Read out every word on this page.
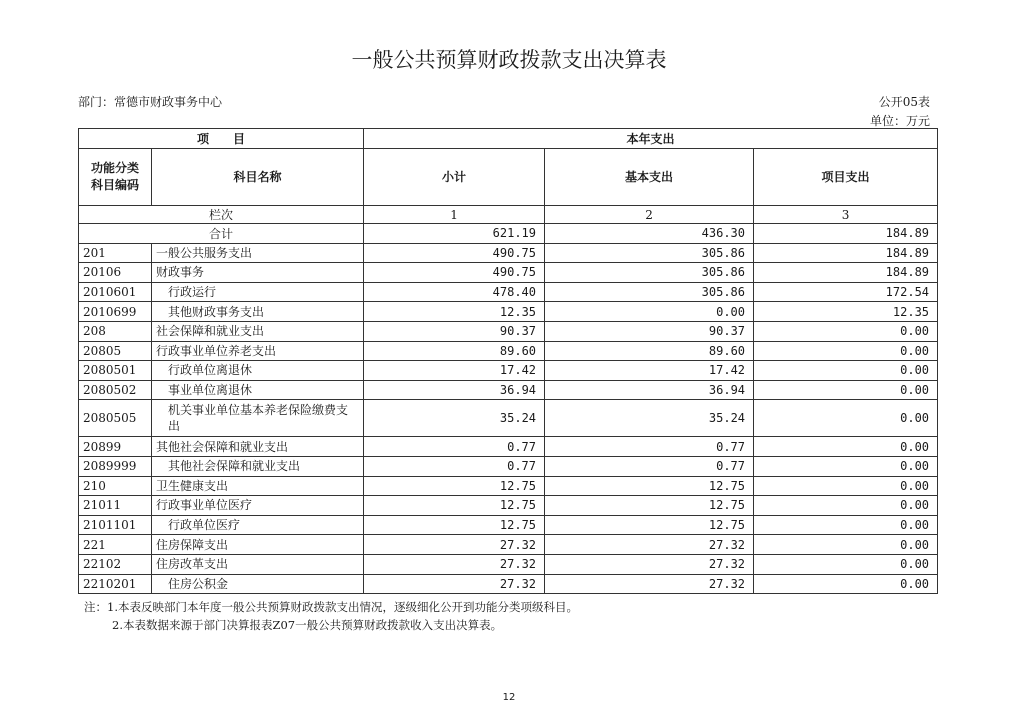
一般公共预算财政拨款支出决算表
部门：常德市财政事务中心	公开05表
单位：万元
项　　目		本年支出		
功能分类
科目编码	科目名称	小计	基本支出	项目支出
栏次		1	2	3
合计		621.19	436.30	184.89
201	一般公共服务支出	490.75	305.86	184.89
20106	财政事务	490.75	305.86	184.89
2010601	行政运行	478.40	305.86	172.54
2010699	其他财政事务支出	12.35	0.00	12.35
208	社会保障和就业支出	90.37	90.37	0.00
20805	行政事业单位养老支出	89.60	89.60	0.00
2080501	行政单位离退休	17.42	17.42	0.00
2080502	事业单位离退休	36.94	36.94	0.00
2080505	机关事业单位基本养老保险缴费支出	35.24	35.24	0.00
20899	其他社会保障和就业支出	0.77	0.77	0.00
2089999	其他社会保障和就业支出	0.77	0.77	0.00
210	卫生健康支出	12.75	12.75	0.00
21011	行政事业单位医疗	12.75	12.75	0.00
2101101	行政单位医疗	12.75	12.75	0.00
221	住房保障支出	27.32	27.32	0.00
22102	住房改革支出	27.32	27.32	0.00
2210201	住房公积金	27.32	27.32	0.00
注：1.本表反映部门本年度一般公共预算财政拨款支出情况，逐级细化公开到功能分类项级科目。
2.本表数据来源于部门决算报表Z07一般公共预算财政拨款收入支出决算表。
12
